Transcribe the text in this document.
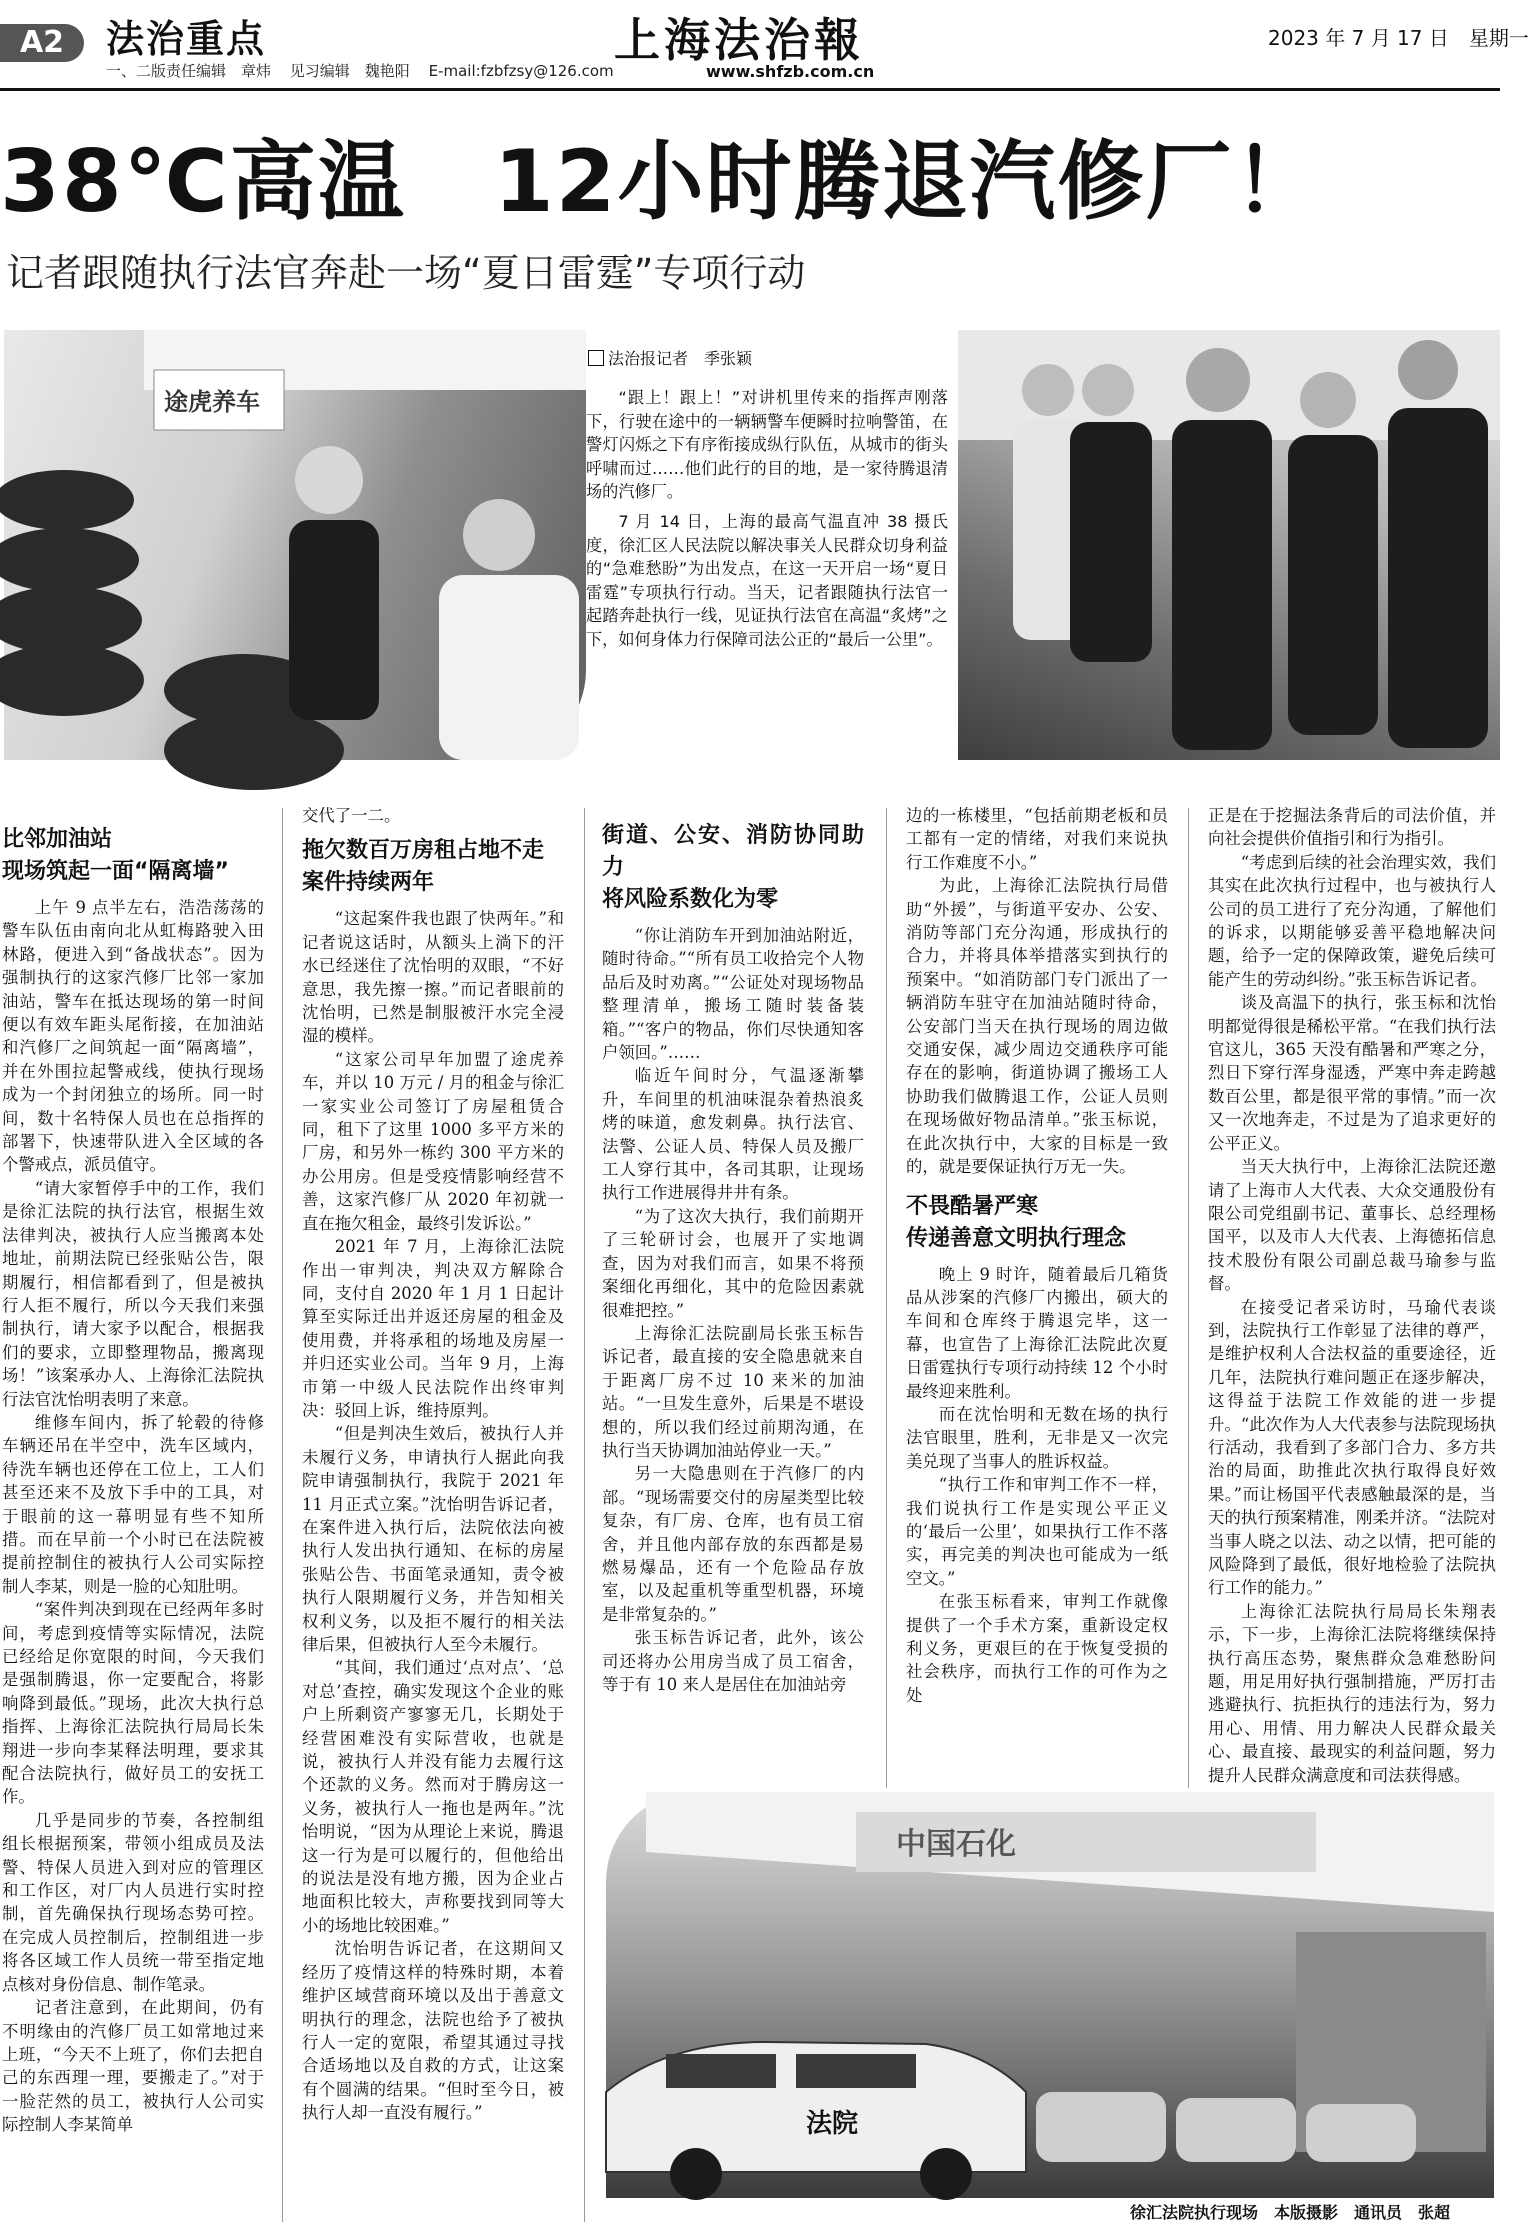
A2	法治重点
一、二版责任编辑　章炜 见习编辑　魏艳阳 E-mail:fzbfzsy@126.com
上海法治報
www.shfzb.com.cn
2023 年 7 月 17 日　星期一
38℃高温　12小时腾退汽修厂！
记者跟随执行法官奔赴一场“夏日雷霆”专项行动
途虎养车
法治报记者　季张颖

“跟上！跟上！”对讲机里传来的指挥声刚落下，行驶在途中的一辆辆警车便瞬时拉响警笛，在警灯闪烁之下有序衔接成纵行队伍，从城市的街头呼啸而过……他们此行的目的地，是一家待腾退清场的汽修厂。

7 月 14 日，上海的最高气温直冲 38 摄氏度，徐汇区人民法院以解决事关人民群众切身利益的“急难愁盼”为出发点，在这一天开启一场“夏日雷霆”专项执行行动。当天，记者跟随执行法官一起踏奔赴执行一线，见证执行法官在高温“炙烤”之下，如何身体力行保障司法公正的“最后一公里”。

比邻加油站
现场筑起一面“隔离墙”

上午 9 点半左右，浩浩荡荡的警车队伍由南向北从虹梅路驶入田林路，便进入到“备战状态”。因为强制执行的这家汽修厂比邻一家加油站，警车在抵达现场的第一时间便以有效车距头尾衔接，在加油站和汽修厂之间筑起一面“隔离墙”，并在外围拉起警戒线，使执行现场成为一个封闭独立的场所。同一时间，数十名特保人员也在总指挥的部署下，快速带队进入全区域的各个警戒点，派员值守。

“请大家暂停手中的工作，我们是徐汇法院的执行法官，根据生效法律判决，被执行人应当搬离本处地址，前期法院已经张贴公告，限期履行，相信都看到了，但是被执行人拒不履行，所以今天我们来强制执行，请大家予以配合，根据我们的要求，立即整理物品，搬离现场！”该案承办人、上海徐汇法院执行法官沈怡明表明了来意。

维修车间内，拆了轮毂的待修车辆还吊在半空中，洗车区域内，待洗车辆也还停在工位上，工人们甚至还来不及放下手中的工具，对于眼前的这一幕明显有些不知所措。而在早前一个小时已在法院被提前控制住的被执行人公司实际控制人李某，则是一脸的心知肚明。

“案件判决到现在已经两年多时间，考虑到疫情等实际情况，法院已经给足你宽限的时间，今天我们是强制腾退，你一定要配合，将影响降到最低。”现场，此次大执行总指挥、上海徐汇法院执行局局长朱翔进一步向李某释法明理，要求其配合法院执行，做好员工的安抚工作。

几乎是同步的节奏，各控制组组长根据预案，带领小组成员及法警、特保人员进入到对应的管理区和工作区，对厂内人员进行实时控制，首先确保执行现场态势可控。在完成人员控制后，控制组进一步将各区域工作人员统一带至指定地点核对身份信息、制作笔录。

记者注意到，在此期间，仍有不明缘由的汽修厂员工如常地过来上班，“今天不上班了，你们去把自己的东西理一理，要搬走了。”对于一脸茫然的员工，被执行人公司实际控制人李某简单

交代了一二。

拖欠数百万房租占地不走
案件持续两年

“这起案件我也跟了快两年。”和记者说这话时，从额头上淌下的汗水已经迷住了沈怡明的双眼，“不好意思，我先擦一擦。”而记者眼前的沈怡明，已然是制服被汗水完全浸湿的模样。

“这家公司早年加盟了途虎养车，并以 10 万元 / 月的租金与徐汇一家实业公司签订了房屋租赁合同，租下了这里 1000 多平方米的厂房，和另外一栋约 300 平方米的办公用房。但是受疫情影响经营不善，这家汽修厂从 2020 年初就一直在拖欠租金，最终引发诉讼。”

2021 年 7 月，上海徐汇法院作出一审判决，判决双方解除合同，支付自 2020 年 1 月 1 日起计算至实际迁出并返还房屋的租金及使用费，并将承租的场地及房屋一并归还实业公司。当年 9 月，上海市第一中级人民法院作出终审判决：驳回上诉，维持原判。

“但是判决生效后，被执行人并未履行义务，申请执行人据此向我院申请强制执行，我院于 2021 年 11 月正式立案。”沈怡明告诉记者，在案件进入执行后，法院依法向被执行人发出执行通知、在标的房屋张贴公告、书面笔录通知，责令被执行人限期履行义务，并告知相关权利义务，以及拒不履行的相关法律后果，但被执行人至今未履行。

“其间，我们通过‘点对点’、‘总对总’查控，确实发现这个企业的账户上所剩资产寥寥无几，长期处于经营困难没有实际营收，也就是说，被执行人并没有能力去履行这个还款的义务。然而对于腾房这一义务，被执行人一拖也是两年。”沈怡明说，“因为从理论上来说，腾退这一行为是可以履行的，但他给出的说法是没有地方搬，因为企业占地面积比较大，声称要找到同等大小的场地比较困难。”

沈怡明告诉记者，在这期间又经历了疫情这样的特殊时期，本着维护区域营商环境以及出于善意文明执行的理念，法院也给予了被执行人一定的宽限，希望其通过寻找合适场地以及自救的方式，让这案有个圆满的结果。“但时至今日，被执行人却一直没有履行。”

街道、公安、消防协同助力
将风险系数化为零

“你让消防车开到加油站附近，随时待命。”“所有员工收拾完个人物品后及时劝离。”“公证处对现场物品整理清单，搬场工随时装备装箱。”“客户的物品，你们尽快通知客户领回。”……

临近午间时分，气温逐渐攀升，车间里的机油味混杂着热浪炙烤的味道，愈发刺鼻。执行法官、法警、公证人员、特保人员及搬厂工人穿行其中，各司其职，让现场执行工作进展得井井有条。

“为了这次大执行，我们前期开了三轮研讨会，也展开了实地调查，因为对我们而言，如果不将预案细化再细化，其中的危险因素就很难把控。”

上海徐汇法院副局长张玉标告诉记者，最直接的安全隐患就来自于距离厂房不过 10 来米的加油站。“一旦发生意外，后果是不堪设想的，所以我们经过前期沟通，在执行当天协调加油站停业一天。”

另一大隐患则在于汽修厂的内部。“现场需要交付的房屋类型比较复杂，有厂房、仓库，也有员工宿舍，并且他内部存放的东西都是易燃易爆品，还有一个危险品存放室，以及起重机等重型机器，环境是非常复杂的。”

张玉标告诉记者，此外，该公司还将办公用房当成了员工宿舍，等于有 10 来人是居住在加油站旁

边的一栋楼里，“包括前期老板和员工都有一定的情绪，对我们来说执行工作难度不小。”

为此，上海徐汇法院执行局借助“外援”，与街道平安办、公安、消防等部门充分沟通，形成执行的合力，并将具体举措落实到执行的预案中。“如消防部门专门派出了一辆消防车驻守在加油站随时待命，公安部门当天在执行现场的周边做交通安保，减少周边交通秩序可能存在的影响，街道协调了搬场工人协助我们做腾退工作，公证人员则在现场做好物品清单。”张玉标说，在此次执行中，大家的目标是一致的，就是要保证执行万无一失。

不畏酷暑严寒
传递善意文明执行理念

晚上 9 时许，随着最后几箱货品从涉案的汽修厂内搬出，硕大的车间和仓库终于腾退完毕，这一幕，也宣告了上海徐汇法院此次夏日雷霆执行专项行动持续 12 个小时最终迎来胜利。

而在沈怡明和无数在场的执行法官眼里，胜利，无非是又一次完美兑现了当事人的胜诉权益。

“执行工作和审判工作不一样，我们说执行工作是实现公平正义的‘最后一公里’，如果执行工作不落实，再完美的判决也可能成为一纸空文。”

在张玉标看来，审判工作就像提供了一个手术方案，重新设定权利义务，更艰巨的在于恢复受损的社会秩序，而执行工作的可作为之处

正是在于挖掘法条背后的司法价值，并向社会提供价值指引和行为指引。

“考虑到后续的社会治理实效，我们其实在此次执行过程中，也与被执行人公司的员工进行了充分沟通，了解他们的诉求，以期能够妥善平稳地解决问题，给予一定的保障政策，避免后续可能产生的劳动纠纷。”张玉标告诉记者。

谈及高温下的执行，张玉标和沈怡明都觉得很是稀松平常。“在我们执行法官这儿，365 天没有酷暑和严寒之分，烈日下穿行浑身湿透，严寒中奔走跨越数百公里，都是很平常的事情。”而一次又一次地奔走，不过是为了追求更好的公平正义。

当天大执行中，上海徐汇法院还邀请了上海市人大代表、大众交通股份有限公司党组副书记、董事长、总经理杨国平，以及市人大代表、上海德拓信息技术股份有限公司副总裁马瑜参与监督。

在接受记者采访时，马瑜代表谈到，法院执行工作彰显了法律的尊严，是维护权利人合法权益的重要途径，近几年，法院执行难问题正在逐步解决，这得益于法院工作效能的进一步提升。“此次作为人大代表参与法院现场执行活动，我看到了多部门合力、多方共治的局面，助推此次执行取得良好效果。”而让杨国平代表感触最深的是，当天的执行预案精准，刚柔并济。“法院对当事人晓之以法、动之以情，把可能的风险降到了最低，很好地检验了法院执行工作的能力。”

上海徐汇法院执行局局长朱翔表示，下一步，上海徐汇法院将继续保持执行高压态势，聚焦群众急难愁盼问题，用足用好执行强制措施，严厉打击逃避执行、抗拒执行的违法行为，努力用心、用情、用力解决人民群众最关心、最直接、最现实的利益问题，努力提升人民群众满意度和司法获得感。

中国石化
法院
徐汇法院执行现场　本版摄影　通讯员　张超
